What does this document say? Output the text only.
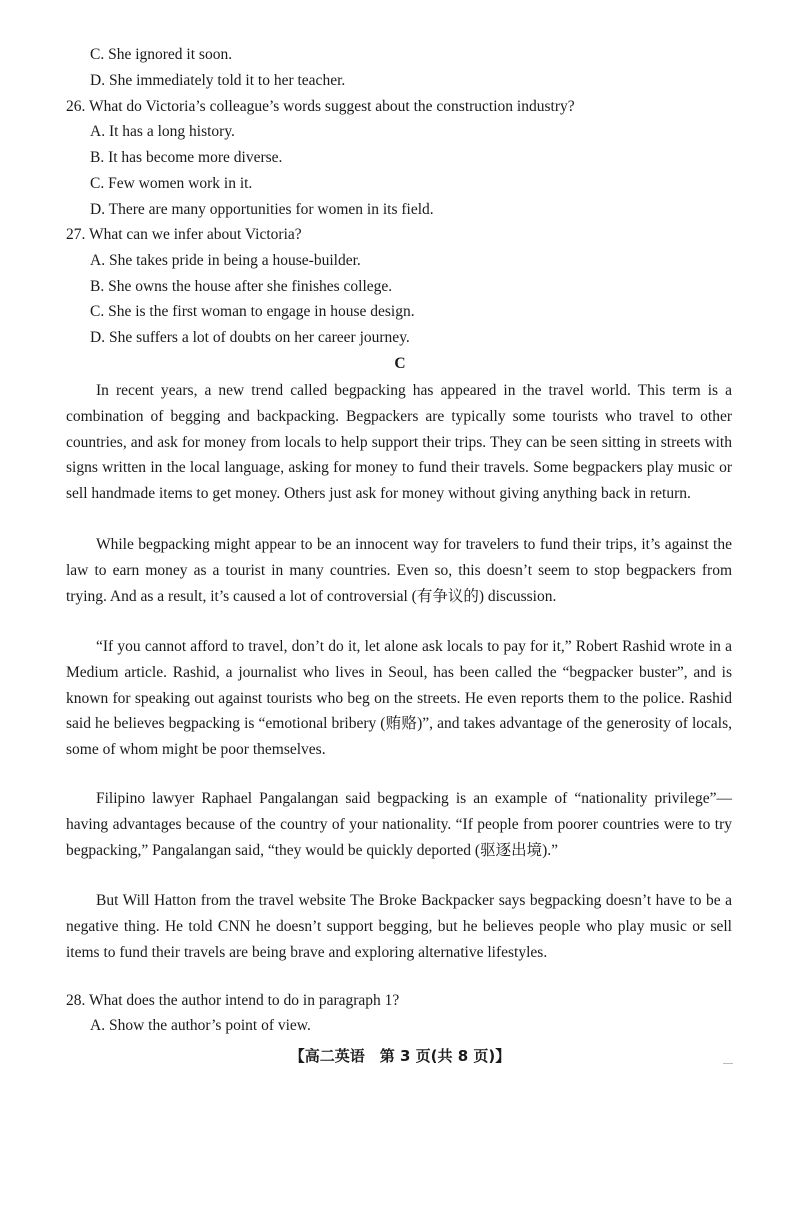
C. She ignored it soon.
D. She immediately told it to her teacher.
26. What do Victoria’s colleague’s words suggest about the construction industry?
A. It has a long history.
B. It has become more diverse.
C. Few women work in it.
D. There are many opportunities for women in its field.
27. What can we infer about Victoria?
A. She takes pride in being a house-builder.
B. She owns the house after she finishes college.
C. She is the first woman to engage in house design.
D. She suffers a lot of doubts on her career journey.
C

In recent years, a new trend called begpacking has appeared in the travel world. This term is a combination of begging and backpacking. Begpackers are typically some tourists who travel to other countries, and ask for money from locals to help support their trips. They can be seen sitting in streets with signs written in the local language, asking for money to fund their travels. Some begpackers play music or sell handmade items to get money. Others just ask for money without giving anything back in return.

While begpacking might appear to be an innocent way for travelers to fund their trips, it’s against the law to earn money as a tourist in many countries. Even so, this doesn’t seem to stop begpackers from trying. And as a result, it’s caused a lot of controversial (有争议的) discussion.

“If you cannot afford to travel, don’t do it, let alone ask locals to pay for it,” Robert Rashid wrote in a Medium article. Rashid, a journalist who lives in Seoul, has been called the “begpacker buster”, and is known for speaking out against tourists who beg on the streets. He even reports them to the police. Rashid said he believes begpacking is “emotional bribery (贿赂)”, and takes advantage of the generosity of locals, some of whom might be poor themselves.

Filipino lawyer Raphael Pangalangan said begpacking is an example of “nationality privilege”—having advantages because of the country of your nationality. “If people from poorer countries were to try begpacking,” Pangalangan said, “they would be quickly deported (驱逐出境).”

But Will Hatton from the travel website The Broke Backpacker says begpacking doesn’t have to be a negative thing. He told CNN he doesn’t support begging, but he believes people who play music or sell items to fund their travels are being brave and exploring alternative lifestyles.

28. What does the author intend to do in paragraph 1?
A. Show the author’s point of view.
【高二英语　第 3 页(共 8 页)】
